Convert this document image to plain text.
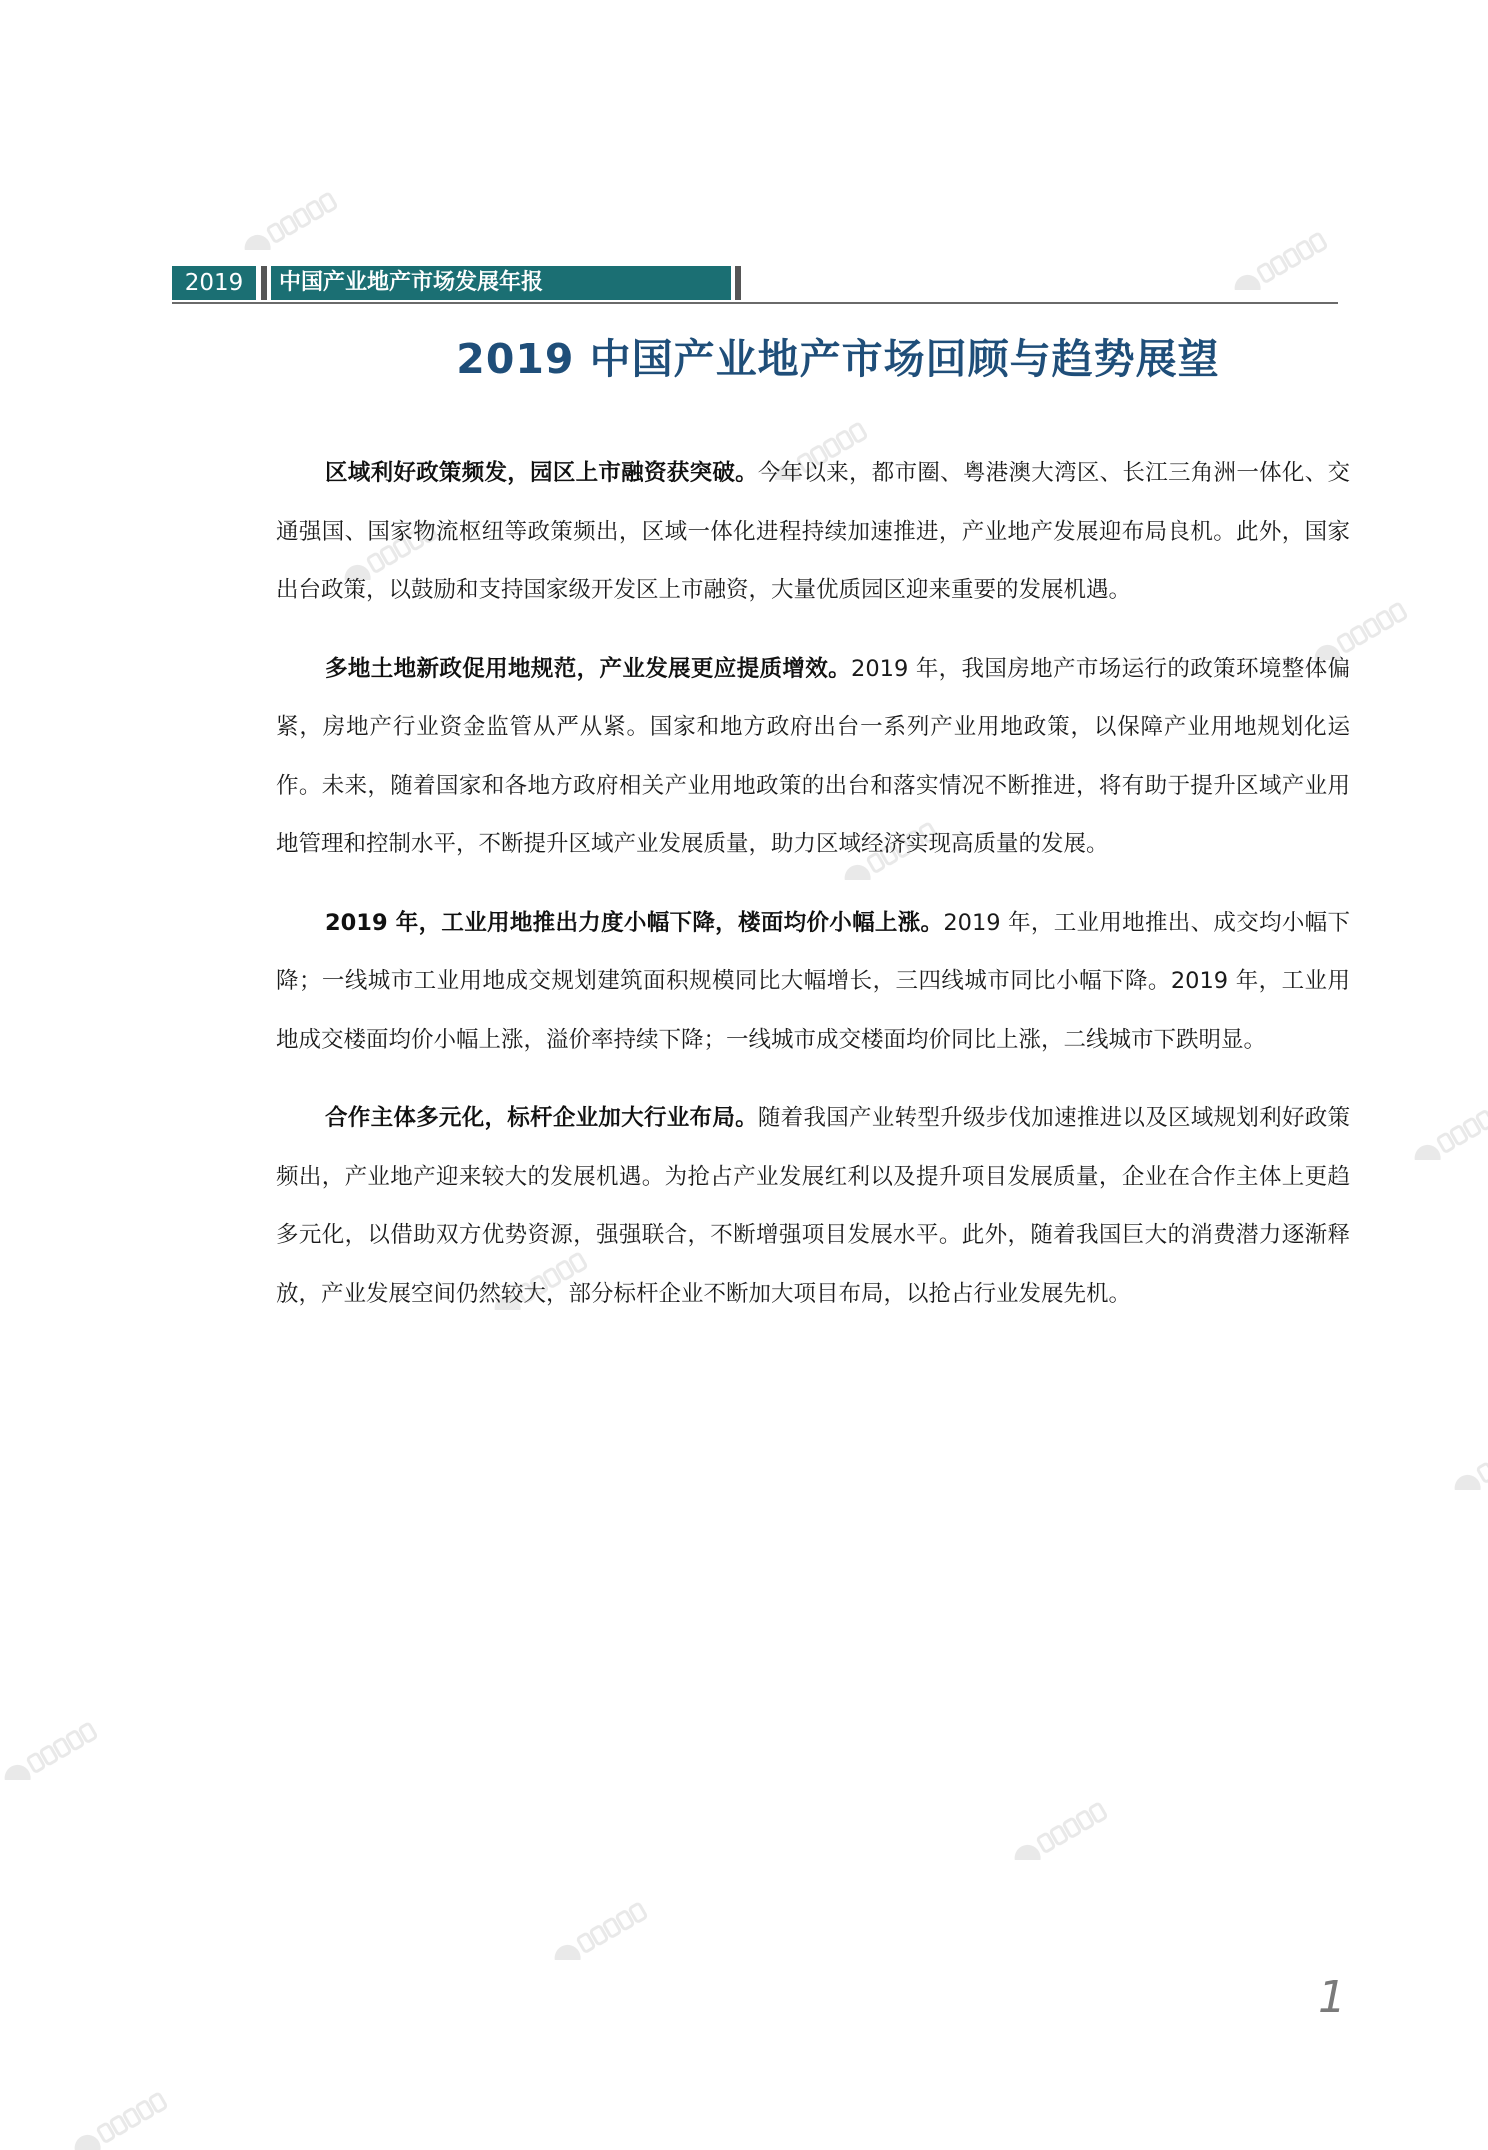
2019	中国产业地产市场发展年报
2019 中国产业地产市场回顾与趋势展望

区域利好政策频发，园区上市融资获突破。今年以来，都市圈、粤港澳大湾区、长江三角洲一体化、交通强国、国家物流枢纽等政策频出，区域一体化进程持续加速推进，产业地产发展迎布局良机。此外，国家出台政策，以鼓励和支持国家级开发区上市融资，大量优质园区迎来重要的发展机遇。

多地土地新政促用地规范，产业发展更应提质增效。2019 年，我国房地产市场运行的政策环境整体偏紧，房地产行业资金监管从严从紧。国家和地方政府出台一系列产业用地政策，以保障产业用地规划化运作。未来，随着国家和各地方政府相关产业用地政策的出台和落实情况不断推进，将有助于提升区域产业用地管理和控制水平，不断提升区域产业发展质量，助力区域经济实现高质量的发展。

2019 年，工业用地推出力度小幅下降，楼面均价小幅上涨。2019 年，工业用地推出、成交均小幅下降；一线城市工业用地成交规划建筑面积规模同比大幅增长，三四线城市同比小幅下降。2019 年，工业用地成交楼面均价小幅上涨，溢价率持续下降；一线城市成交楼面均价同比上涨，二线城市下跌明显。

合作主体多元化，标杆企业加大行业布局。随着我国产业转型升级步伐加速推进以及区域规划利好政策频出，产业地产迎来较大的发展机遇。为抢占产业发展红利以及提升项目发展质量，企业在合作主体上更趋多元化，以借助双方优势资源，强强联合，不断增强项目发展水平。此外，随着我国巨大的消费潜力逐渐释放，产业发展空间仍然较大，部分标杆企业不断加大项目布局，以抢占行业发展先机。

1
